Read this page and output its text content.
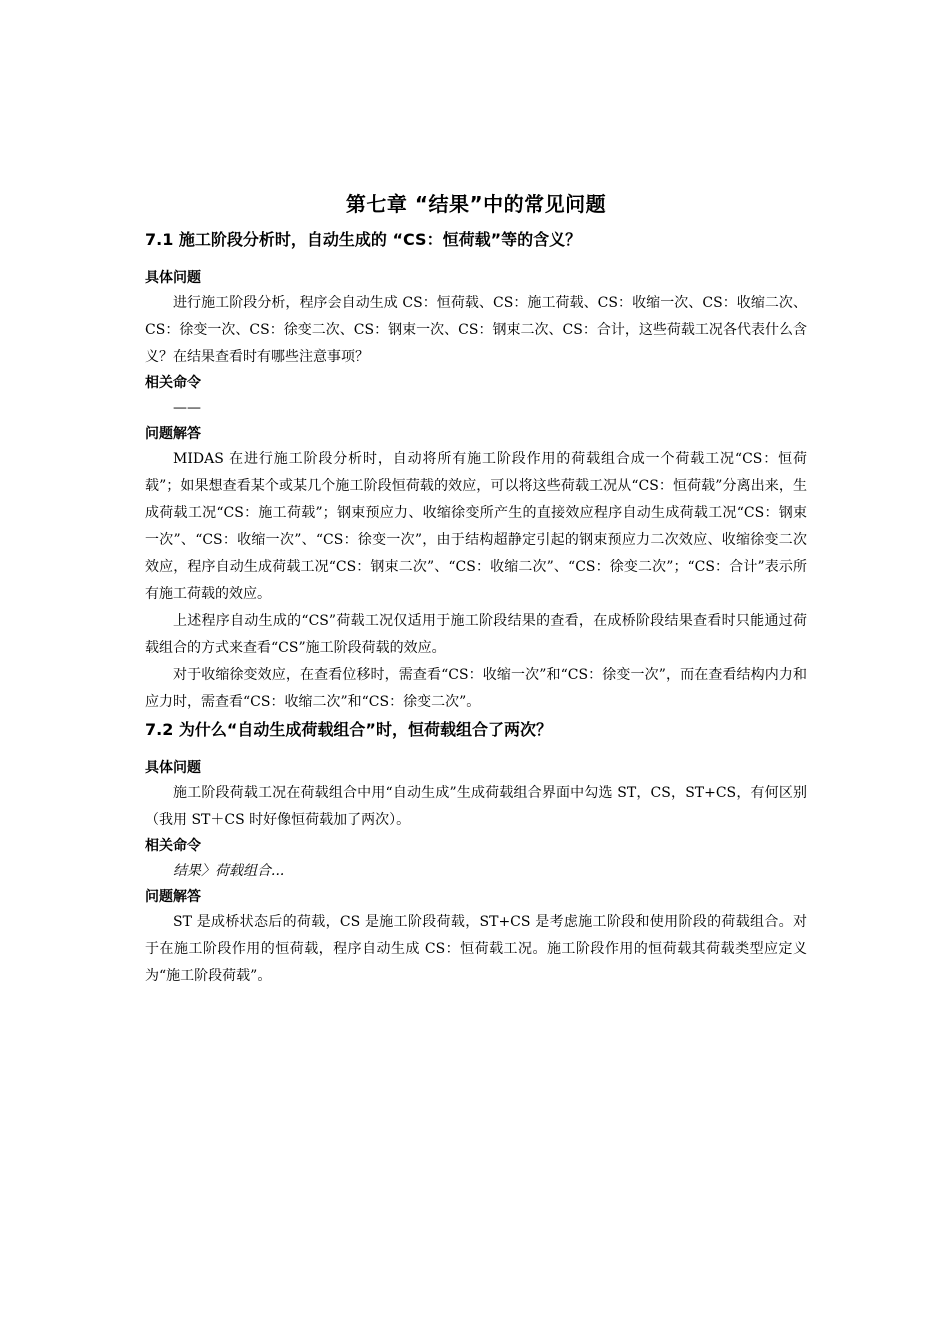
第七章 “结果”中的常见问题
7.1 施工阶段分析时，自动生成的 “CS：恒荷载”等的含义？
具体问题

进行施工阶段分析，程序会自动生成 CS：恒荷载、CS：施工荷载、CS：收缩一次、CS：收缩二次、CS：徐变一次、CS：徐变二次、CS：钢束一次、CS：钢束二次、CS：合计，这些荷载工况各代表什么含义？在结果查看时有哪些注意事项？

相关命令

——

问题解答

MIDAS 在进行施工阶段分析时，自动将所有施工阶段作用的荷载组合成一个荷载工况“CS：恒荷载”；如果想查看某个或某几个施工阶段恒荷载的效应，可以将这些荷载工况从“CS：恒荷载”分离出来，生成荷载工况“CS：施工荷载”；钢束预应力、收缩徐变所产生的直接效应程序自动生成荷载工况“CS：钢束一次”、“CS：收缩一次”、“CS：徐变一次”，由于结构超静定引起的钢束预应力二次效应、收缩徐变二次效应，程序自动生成荷载工况“CS：钢束二次”、“CS：收缩二次”、“CS：徐变二次”；“CS：合计”表示所有施工荷载的效应。

上述程序自动生成的“CS”荷载工况仅适用于施工阶段结果的查看，在成桥阶段结果查看时只能通过荷载组合的方式来查看“CS”施工阶段荷载的效应。

对于收缩徐变效应，在查看位移时，需查看“CS：收缩一次”和“CS：徐变一次”，而在查看结构内力和应力时，需查看“CS：收缩二次”和“CS：徐变二次”。

7.2 为什么“自动生成荷载组合”时，恒荷载组合了两次？
具体问题

施工阶段荷载工况在荷载组合中用“自动生成”生成荷载组合界面中勾选 ST，CS，ST+CS，有何区别（我用 ST＋CS 时好像恒荷载加了两次）。

相关命令

结果〉荷载组合...

问题解答

ST 是成桥状态后的荷载，CS 是施工阶段荷载，ST+CS 是考虑施工阶段和使用阶段的荷载组合。对于在施工阶段作用的恒荷载，程序自动生成 CS：恒荷载工况。施工阶段作用的恒荷载其荷载类型应定义为“施工阶段荷载”。
